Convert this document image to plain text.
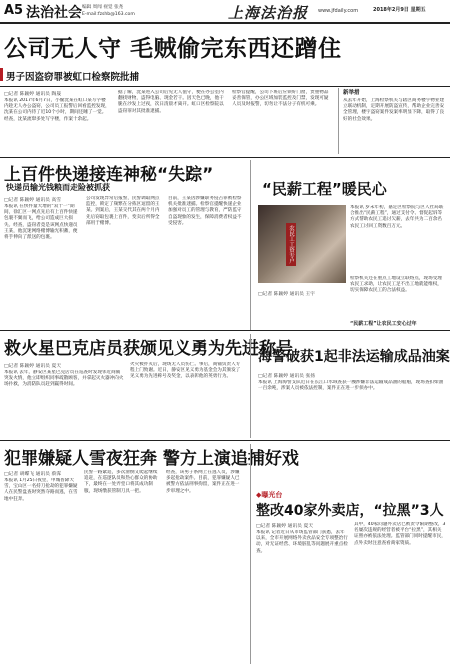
A5 法治社会 编辑 周闻 视觉 张尧
E-mail:fzshb@163.com	上海法治报 www.jfdaily.com	2018年2月9日 星期五
公司无人守 毛贼偷完东西还蹭住
男子因盗窃罪被虹口检察院批捕
□记者 陈颖婷 通讯员 陶晟
本报讯 2017年6月7日，小偷沈某在虹口某写字楼内趁无人办公盗窃，公司员工报警后回看监控发现，沈某在公司内待了近10个小时，期间还睡了一觉。经查，沈某流窜多处写字楼，作案十余起。
据了解，沈某进入公司后见无人值守，便在办公室内翻找财物，盗得电脑、现金若干。因天色已晚，他干脆在沙发上过夜，次日清晨才离开。虹口区检察院以盗窃罪对其批准逮捕。
检察官提醒，公司下班后应锁好门窗，贵重物品妥善保管，办公区域加装监控及门禁，发现可疑人员及时报警，切勿让不法分子有机可乘。
新举措
从去年开始，上海检察机关与辖区商务楼宇物业建立联动机制，定期开展防盗宣传，帮助企业完善安全管理，楼宇盗窃案件发案率明显下降，取得了良好的社会效果。
上百件快递接连神秘“失踪”
快递员输光钱粮而走险被抓获
□记者 陈颖婷 通讯员 高雪
本报讯 在快件量大增的“双十一”期间，徐汇区一网点先后有上百件快递包裹不翼而飞，给公司造成巨大损失。经查，盗窃者竟是该网点快递员王某，他沉迷网络赌博输光积蓄，便将手伸向了派送的包裹。
公司发现异常后报警，民警调取网点监控，锁定了频繁在分拣区逗留的王某。到案后，王某交代其在两个月内先后窃取包裹上百件，变卖后所得全部用于赌博。
目前，王某因涉嫌职务侵占罪被检察机关批准逮捕。检察官提醒快递企业加强对员工的管理与教育，严防监守自盗现象的发生，保障消费者权益不受侵害。
“民薪工程”暖民心
农民工工资专户
□记者 陈颖婷 通讯员 王宇
本报讯 岁末年初，嘉定区检察院与区人社局联合推出“民薪工程”，通过支付令、督促起诉等方式帮助农民工追讨欠薪，去年共为二百余名农民工讨回工资数百万元。
检察机关还在重点工地设立联络点，现场受理农民工求助，让农民工足不出工地就能维权，切实保障农民工的合法权益。
“民薪工程”让农民工安心过年
救火星巴克店员获颁见义勇为先进称号
□记者 陈颖婷 通讯员 夏天
本报讯 去年，静安区某星巴克店员在巡查时发现邻近商铺突发火情，他立即组织同事疏散顾客，并拿起灭火器冲向火场扑救，为消防队员赶到赢得时间。
火灾被扑灭后，现场无人员伤亡。事后，商铺负责人专程上门致谢。近日，静安区见义勇为基金会为其颁发了见义勇为先进称号及奖金，以表彰他的英勇行为。
海警破获1起非法运输成品油案
□记者 陈颖婷 通讯员 张扬
本报讯 上海海警支队近日在长江口水域查获一艘涉嫌非法运输成品油的船舶，现场查扣柴油一百余吨，涉案人员被依法控制，案件正在进一步侦办中。
犯罪嫌疑人雪夜狂奔 警方上演追捕好戏
□记者 胡蝶飞 通讯员 蔡霁
本报讯 1月25日夜里，申城普降大雪，宝山区一名持刀抢劫的犯罪嫌疑人在民警盘查时突然夺路而逃，在雪地中狂奔。
民警一路紧追，多次滑倒又爬起继续追赶，在巡逻队员和热心群众的协助下，最终在一处弄堂口将其成功制服，现场缴获管制刀具一把。
经查，该男子系网上在逃人员，涉嫌多起抢劫案件。目前，犯罪嫌疑人已被警方依法刑事拘留，案件正在进一步审理之中。	◆曝光台
整改40家外卖店，“拉黑”3人
□记者 陈颖婷 通讯员 夏天
本报讯 记者近日从市场监管部门获悉，去年以来，全市开展网络外卖食品安全专项整治行动，对无证经营、环境脏乱等问题展开重点检查。
其中，40家问题外卖店已被责令限期整改，3名屡次违规的经营者被平台“拉黑”，其相关证照亦被依法处理。监管部门同时提醒市民，点外卖时注意查看商家资质。
